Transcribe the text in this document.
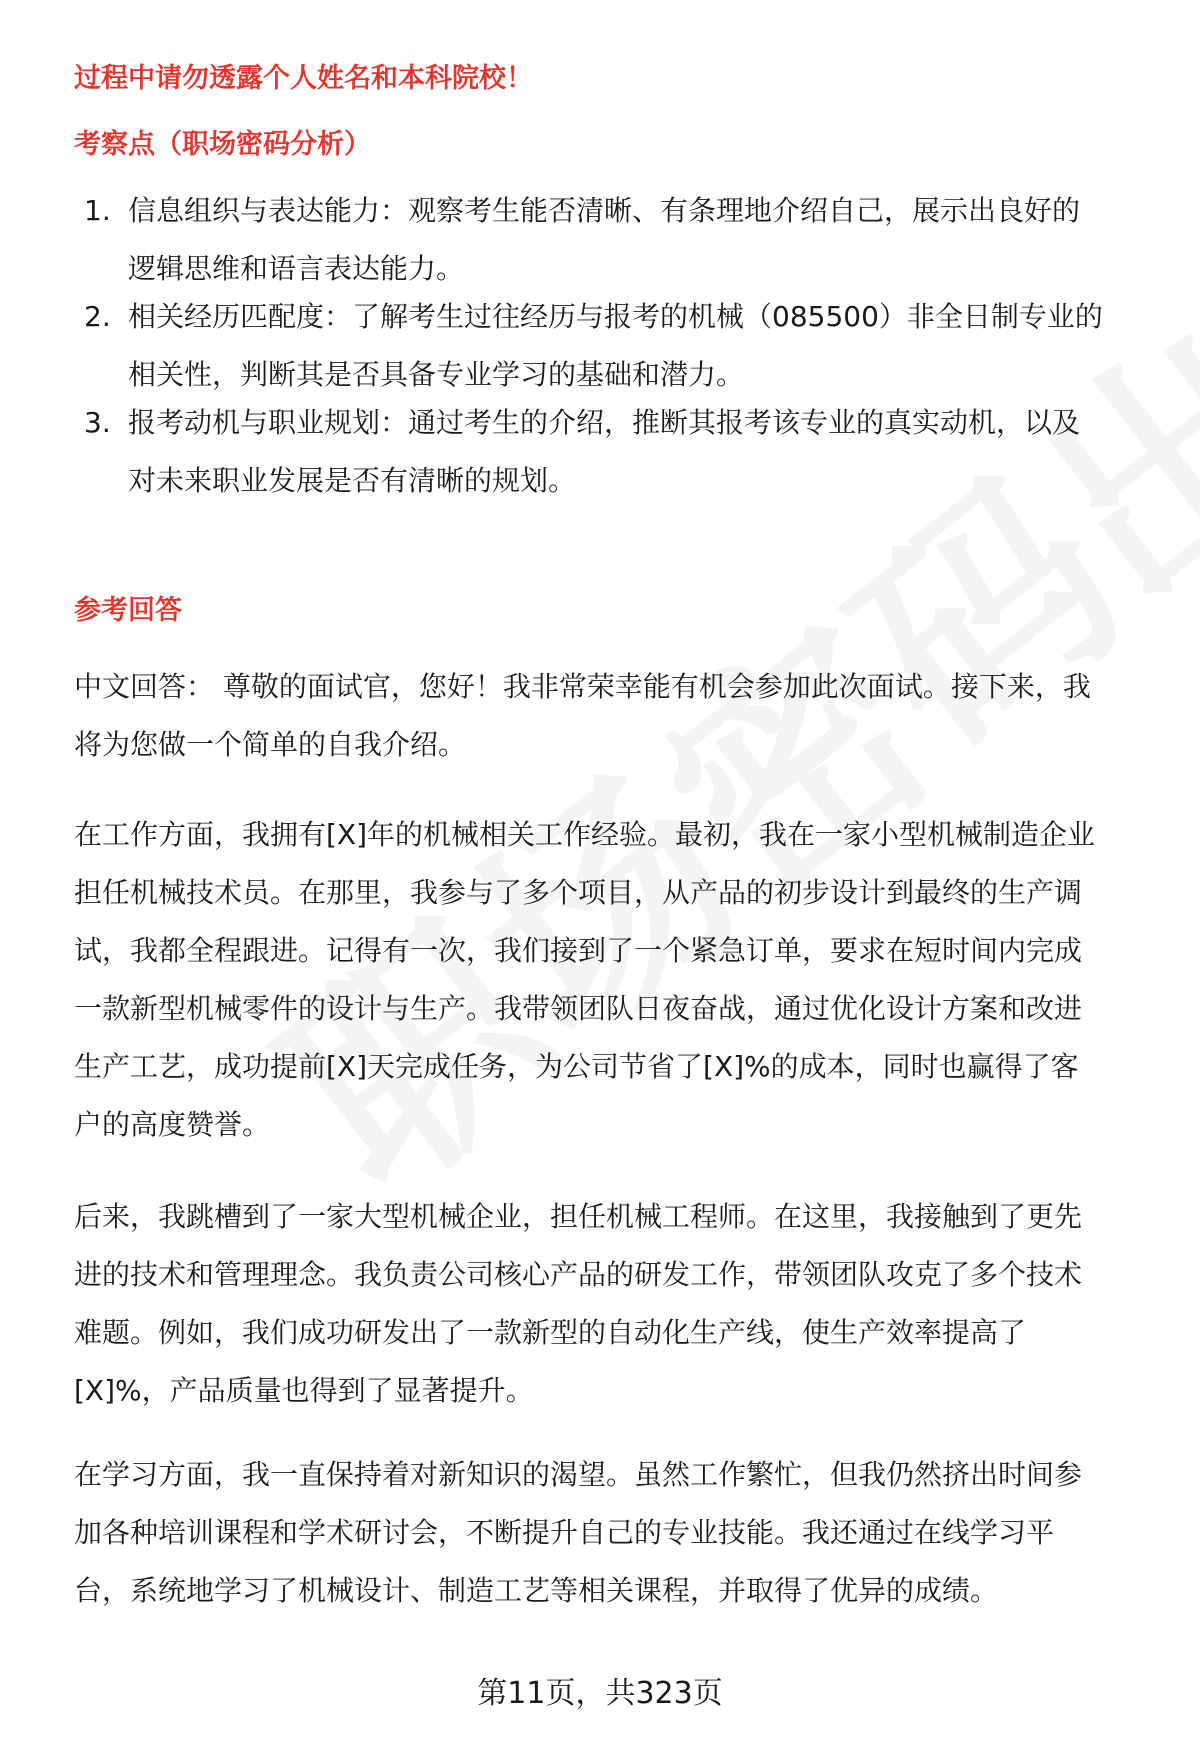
过程中请勿透露个人姓名和本科院校！
考察点（职场密码分析）
1. 信息组织与表达能力：观察考生能否清晰、有条理地介绍自己，展示出良好的
逻辑思维和语言表达能力。
2. 相关经历匹配度：了解考生过往经历与报考的机械（085500）非全日制专业的
相关性，判断其是否具备专业学习的基础和潜力。
3. 报考动机与职业规划：通过考生的介绍，推断其报考该专业的真实动机，以及
对未来职业发展是否有清晰的规划。
参考回答
中文回答： 尊敬的面试官，您好！我非常荣幸能有机会参加此次面试。接下来，我
将为您做一个简单的自我介绍。
在工作方面，我拥有[X]年的机械相关工作经验。最初，我在一家小型机械制造企业
担任机械技术员。在那里，我参与了多个项目，从产品的初步设计到最终的生产调
试，我都全程跟进。记得有一次，我们接到了一个紧急订单，要求在短时间内完成
一款新型机械零件的设计与生产。我带领团队日夜奋战，通过优化设计方案和改进
生产工艺，成功提前[X]天完成任务，为公司节省了[X]%的成本，同时也赢得了客
户的高度赞誉。
后来，我跳槽到了一家大型机械企业，担任机械工程师。在这里，我接触到了更先
进的技术和管理理念。我负责公司核心产品的研发工作，带领团队攻克了多个技术
难题。例如，我们成功研发出了一款新型的自动化生产线，使生产效率提高了
[X]%，产品质量也得到了显著提升。
在学习方面，我一直保持着对新知识的渴望。虽然工作繁忙，但我仍然挤出时间参
加各种培训课程和学术研讨会，不断提升自己的专业技能。我还通过在线学习平
台，系统地学习了机械设计、制造工艺等相关课程，并取得了优异的成绩。
第11页，共323页
